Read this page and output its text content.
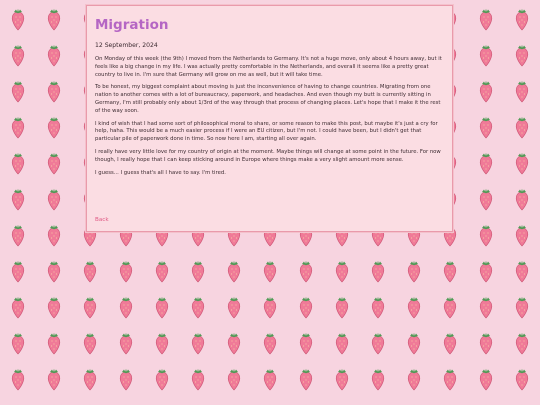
Migration

12 September, 2024

On Monday of this week (the 9th) I moved from the Netherlands to Germany. It's not a huge move, only about 4 hours away, but it feels like a big change in my life. I was actually pretty comfortable in the Netherlands, and overall it seems like a pretty great country to live in. I'm sure that Germany will grow on me as well, but it will take time.

To be honest, my biggest complaint about moving is just the inconvenience of having to change countries. Migrating from one nation to another comes with a lot of bureaucracy, paperwork, and headaches. And even though my butt is currently sitting in Germany, I'm still probably only about 1/3rd of the way through that process of changing places. Let's hope that I make it the rest of the way soon.

I kind of wish that I had some sort of philosophical moral to share, or some reason to make this post, but maybe it's just a cry for help, haha. This would be a much easier process if I were an EU citizen, but I'm not. I could have been, but I didn't get that particular pile of paperwork done in time. So now here I am, starting all over again.

I really have very little love for my country of origin at the moment. Maybe things will change at some point in the future. For now though, I really hope that I can keep sticking around in Europe where things make a very slight amount more sense.

I guess... I guess that's all I have to say. I'm tired.

Back
